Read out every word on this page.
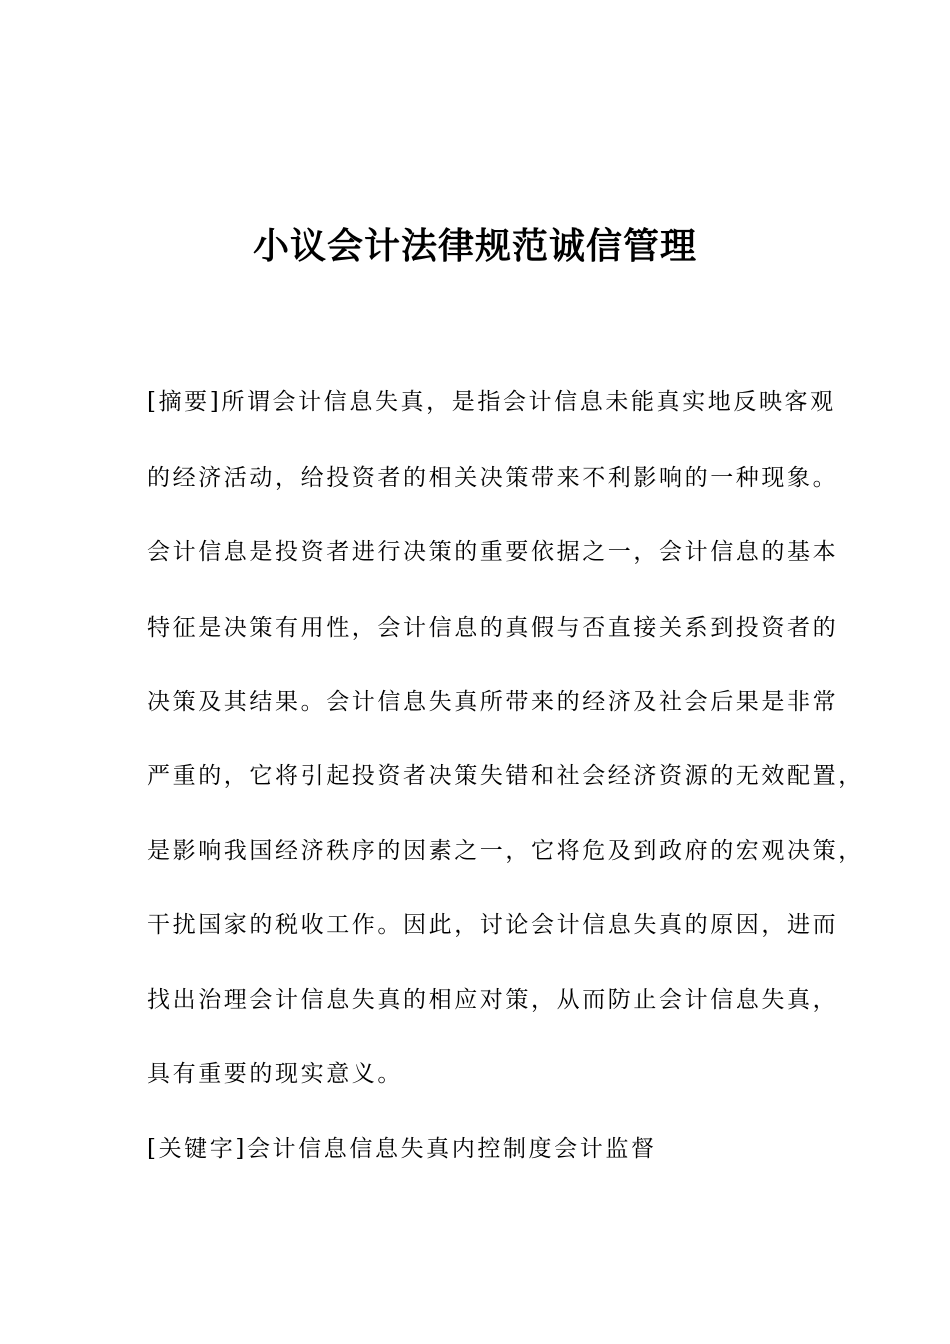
小议会计法律规范诚信管理

[摘要]所谓会计信息失真，是指会计信息未能真实地反映客观

的经济活动，给投资者的相关决策带来不利影响的一种现象。

会计信息是投资者进行决策的重要依据之一，会计信息的基本

特征是决策有用性，会计信息的真假与否直接关系到投资者的

决策及其结果。会计信息失真所带来的经济及社会后果是非常

严重的，它将引起投资者决策失错和社会经济资源的无效配置，

是影响我国经济秩序的因素之一，它将危及到政府的宏观决策，

干扰国家的税收工作。因此，讨论会计信息失真的原因，进而

找出治理会计信息失真的相应对策，从而防止会计信息失真，

具有重要的现实意义。

[关键字]会计信息信息失真内控制度会计监督
